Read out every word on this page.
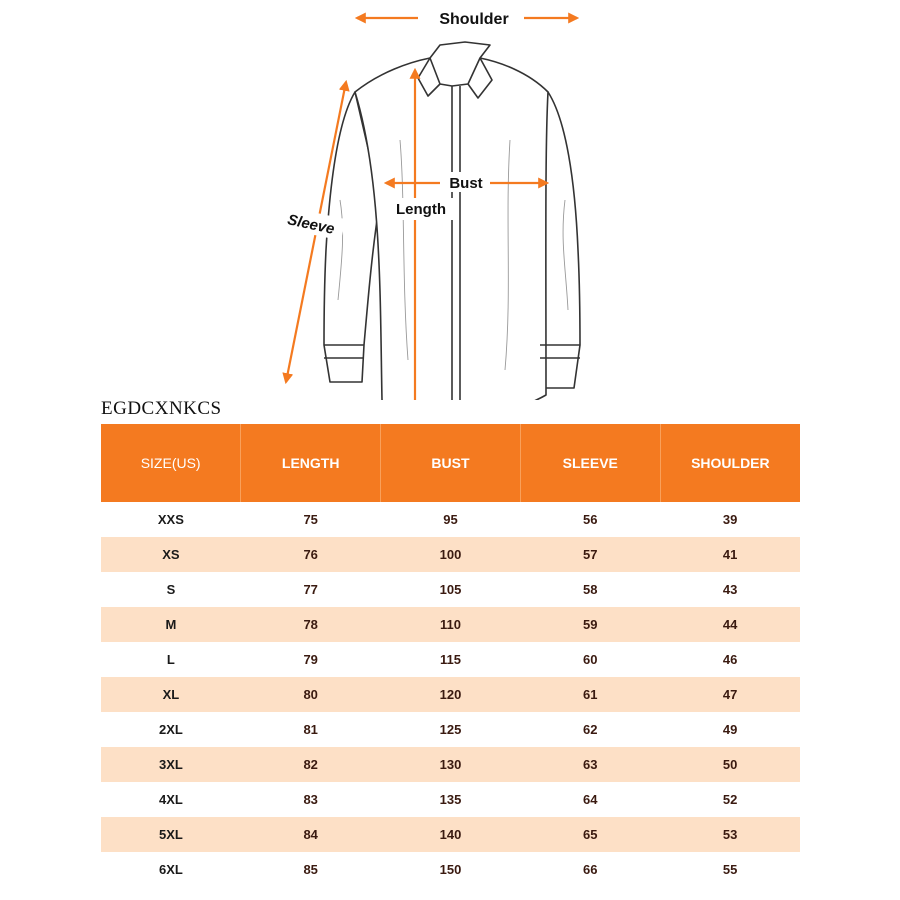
Shoulder
Bust
Length
Sleeve
EGDCXNKCS
SIZE(US)	LENGTH	BUST	SLEEVE	SHOULDER
XXS	75	95	56	39
XS	76	100	57	41
S	77	105	58	43
M	78	110	59	44
L	79	115	60	46
XL	80	120	61	47
2XL	81	125	62	49
3XL	82	130	63	50
4XL	83	135	64	52
5XL	84	140	65	53
6XL	85	150	66	55
